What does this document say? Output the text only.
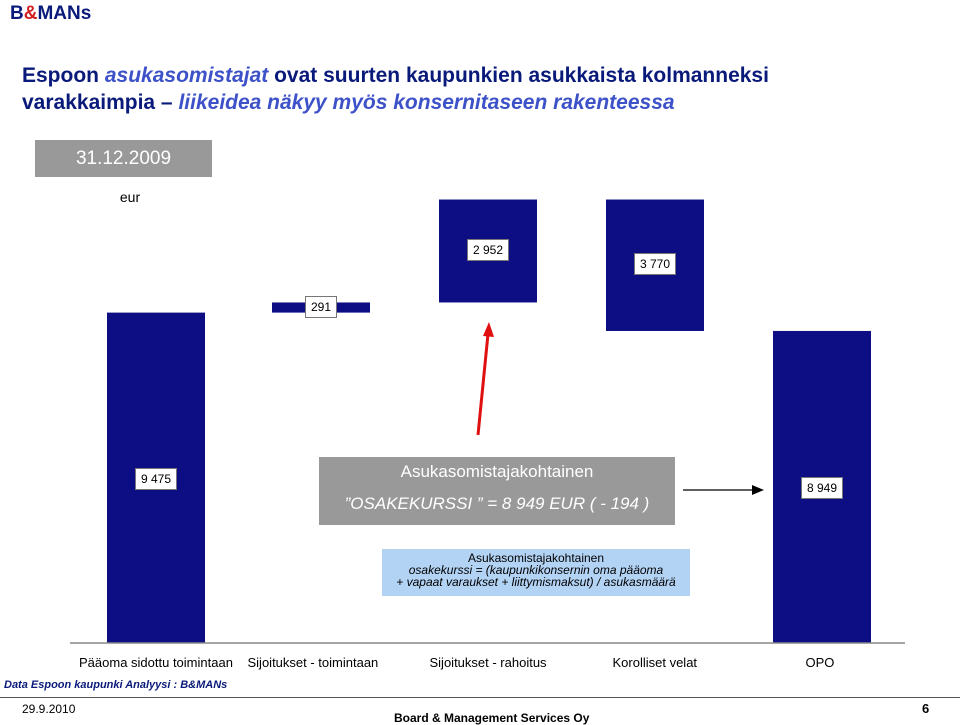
B&MANs
Espoon asukasomistajat ovat suurten kaupunkien asukkaista kolmanneksi
varakkaimpia – liikeidea näkyy myös konsernitaseen rakenteessa
31.12.2009
eur
9 475
291
2 952
3 770
8 949
Asukasomistajakohtainen
”OSAKEKURSSI ” = 8 949 EUR ( - 194 )
Asukasomistajakohtainen
osakekurssi = (kaupunkikonsernin oma pääoma
+ vapaat varaukset + liittymismaksut) / asukasmäärä
Pääoma sidottu toimintaan Sijoitukset - toimintaan	Sijoitukset - rahoitus	Korolliset velat	OPO
Data Espoon kaupunki Analyysi : B&MANs
29.9.2010
Board & Management Services Oy
6
